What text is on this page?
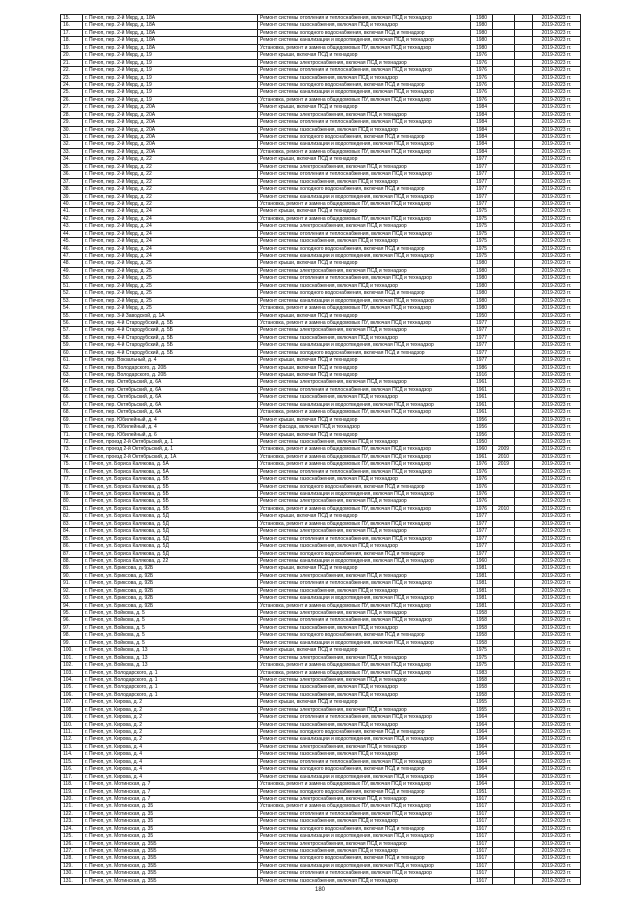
15.	г. Печоп, пер. 2-й Мкрд, д. 18А	Ремонт системы отопления и теплоснабжения, включая ПСД и технадзор	1980			2019-2023 гг.
16.	г. Печоп, пер. 2-й Мкрд, д. 18А	Ремонт системы газоснабжения, включая ПСД и технадзор	1980			2019-2023 гг.
17.	г. Печоп, пер. 2-й Мкрд, д. 18А	Ремонт системы холодного водоснабжения, включая ПСД и технадзор	1980			2019-2023 гг.
18.	г. Печоп, пер. 2-й Мкрд, д. 18А	Ремонт системы канализации и водоотведения, включая ПСД и технадзор	1980			2019-2023 гг.
19.	г. Печоп, пер. 2-й Мкрд, д. 18А	Установка, ремонт и замена общедомовых ПУ, включая ПСД и технадзор	1980			2019-2023 гг.
20.	г. Печоп, пер. 2-й Мкрд, д. 19	Ремонт крыши, включая ПСД и технадзор	1976			2019-2023 гг.
21.	г. Печоп, пер. 2-й Мкрд, д. 19	Ремонт системы электроснабжения, включая ПСД и технадзор	1976			2019-2023 гг.
22.	г. Печоп, пер. 2-й Мкрд, д. 19	Ремонт системы отопления и теплоснабжения, включая ПСД и технадзор	1976			2019-2023 гг.
23.	г. Печоп, пер. 2-й Мкрд, д. 19	Ремонт системы газоснабжения, включая ПСД и технадзор	1976			2019-2023 гг.
24.	г. Печоп, пер. 2-й Мкрд, д. 19	Ремонт системы холодного водоснабжения, включая ПСД и технадзор	1976			2019-2023 гг.
25.	г. Печоп, пер. 2-й Мкрд, д. 19	Ремонт системы канализации и водоотведения, включая ПСД и технадзор	1976			2019-2023 гг.
26.	г. Печоп, пер. 2-й Мкрд, д. 19	Установка, ремонт и замена общедомовых ПУ, включая ПСД и технадзор	1976			2019-2023 гг.
27.	г. Печоп, пер. 2-й Мкрд, д. 20А	Ремонт крыши, включая ПСД и технадзор	1984			2019-2023 гг.
28.	г. Печоп, пер. 2-й Мкрд, д. 20А	Ремонт системы электроснабжения, включая ПСД и технадзор	1984			2019-2023 гг.
29.	г. Печоп, пер. 2-й Мкрд, д. 20А	Ремонт системы отопления и теплоснабжения, включая ПСД и технадзор	1984			2019-2023 гг.
30.	г. Печоп, пер. 2-й Мкрд, д. 20А	Ремонт системы газоснабжения, включая ПСД и технадзор	1984			2019-2023 гг.
31.	г. Печоп, пер. 2-й Мкрд, д. 20А	Ремонт системы холодного водоснабжения, включая ПСД и технадзор	1984			2019-2023 гг.
32.	г. Печоп, пер. 2-й Мкрд, д. 20А	Ремонт системы канализации и водоотведения, включая ПСД и технадзор	1984			2019-2023 гг.
33.	г. Печоп, пер. 2-й Мкрд, д. 20А	Установка, ремонт и замена общедомовых ПУ, включая ПСД и технадзор	1984			2019-2023 гг.
34.	г. Печоп, пер. 2-й Мкрд, д. 22	Ремонт крыши, включая ПСД и технадзор	1977			2019-2023 гг.
35.	г. Печоп, пер. 2-й Мкрд, д. 22	Ремонт системы электроснабжения, включая ПСД и технадзор	1977			2019-2023 гг.
36.	г. Печоп, пер. 2-й Мкрд, д. 22	Ремонт системы отопления и теплоснабжения, включая ПСД и технадзор	1977			2019-2023 гг.
37.	г. Печоп, пер. 2-й Мкрд, д. 22	Ремонт системы газоснабжения, включая ПСД и технадзор	1977			2019-2023 гг.
38.	г. Печоп, пер. 2-й Мкрд, д. 22	Ремонт системы холодного водоснабжения, включая ПСД и технадзор	1977			2019-2023 гг.
39.	г. Печоп, пер. 2-й Мкрд, д. 22	Ремонт системы канализации и водоотведения, включая ПСД и технадзор	1977			2019-2023 гг.
40.	г. Печоп, пер. 2-й Мкрд, д. 22	Установка, ремонт и замена общедомовых ПУ, включая ПСД и технадзор	1977			2019-2023 гг.
41.	г. Печоп, пер. 2-й Мкрд, д. 24	Ремонт крыши, включая ПСД и технадзор	1975			2019-2023 гг.
42.	г. Печоп, пер. 2-й Мкрд, д. 24	Установка, ремонт и замена общедомовых ПУ, включая ПСД и технадзор	1975			2019-2023 гг.
43.	г. Печоп, пер. 2-й Мкрд, д. 24	Ремонт системы электроснабжения, включая ПСД и технадзор	1975			2019-2023 гг.
44.	г. Печоп, пер. 2-й Мкрд, д. 24	Ремонт системы отопления и теплоснабжения, включая ПСД и технадзор	1975			2019-2023 гг.
45.	г. Печоп, пер. 2-й Мкрд, д. 24	Ремонт системы газоснабжения, включая ПСД и технадзор	1975			2019-2023 гг.
46.	г. Печоп, пер. 2-й Мкрд, д. 24	Ремонт системы холодного водоснабжения, включая ПСД и технадзор	1975			2019-2023 гг.
47.	г. Печоп, пер. 2-й Мкрд, д. 24	Ремонт системы канализации и водоотведения, включая ПСД и технадзор	1975			2019-2023 гг.
48.	г. Печоп, пер. 2-й Мкрд, д. 25	Ремонт крыши, включая ПСД и технадзор	1980			2019-2023 гг.
49.	г. Печоп, пер. 2-й Мкрд, д. 25	Ремонт системы электроснабжения, включая ПСД и технадзор	1980			2019-2023 гг.
50.	г. Печоп, пер. 2-й Мкрд, д. 25	Ремонт системы отопления и теплоснабжения, включая ПСД и технадзор	1980			2019-2023 гг.
51.	г. Печоп, пер. 2-й Мкрд, д. 25	Ремонт системы газоснабжения, включая ПСД и технадзор	1980			2019-2023 гг.
52.	г. Печоп, пер. 2-й Мкрд, д. 25	Ремонт системы холодного водоснабжения, включая ПСД и технадзор	1980			2019-2023 гг.
53.	г. Печоп, пер. 2-й Мкрд, д. 25	Ремонт системы канализации и водоотведения, включая ПСД и технадзор	1980			2019-2023 гг.
54.	г. Печоп, пер. 2-й Мкрд, д. 25	Установка, ремонт и замена общедомовых ПУ, включая ПСД и технадзор	1980			2019-2023 гг.
55.	г. Печоп, пер. 3-й Заводской, д. 1А	Ремонт крыши, включая ПСД и технадзор	1950			2019-2023 гг.
56.	г. Печоп, пер. 4-й Стародубский, д. 5Б	Установка, ремонт и замена общедомовых ПУ, включая ПСД и технадзор	1977			2019-2023 гг.
57.	г. Печоп, пер. 4-й Стародубский, д. 5Б	Ремонт системы электроснабжения, включая ПСД и технадзор	1977			2019-2023 гг.
58.	г. Печоп, пер. 4-й Стародубский, д. 5Б	Ремонт системы газоснабжения, включая ПСД и технадзор	1977			2019-2023 гг.
59.	г. Печоп, пер. 4-й Стародубский, д. 5Б	Ремонт системы канализации и водоотведения, включая ПСД и технадзор	1977			2019-2023 гг.
60.	г. Печоп, пер. 4-й Стародубский, д. 5Б	Ремонт системы холодного водоснабжения, включая ПСД и технадзор	1977			2019-2023 гг.
61.	г. Печоп, пер. Вокзальный, д. 4	Ремонт крыши, включая ПСД и технадзор	1977			2019-2023 гг.
62.	г. Печоп, пер. Володарского, д. 20Б	Ремонт крыши, включая ПСД и технадзор	1986			2019-2023 гг.
63.	г. Печоп, пер. Володарского, д. 20Б	Ремонт крыши, включая ПСД и технадзор	1916			2019-2023 гг.
64.	г. Печоп, пер. Октябрьский, д. 6А	Ремонт системы электроснабжения, включая ПСД и технадзор	1961			2019-2023 гг.
65.	г. Печоп, пер. Октябрьский, д. 6А	Ремонт системы отопления и теплоснабжения, включая ПСД и технадзор	1961			2019-2023 гг.
66.	г. Печоп, пер. Октябрьский, д. 6А	Ремонт системы газоснабжения, включая ПСД и технадзор	1961			2019-2023 гг.
67.	г. Печоп, пер. Октябрьский, д. 6А	Ремонт системы канализации и водоотведения, включая ПСД и технадзор	1961			2019-2023 гг.
68.	г. Печоп, пер. Октябрьский, д. 6А	Установка, ремонт и замена общедомовых ПУ, включая ПСД и технадзор	1961			2019-2023 гг.
69.	г. Печоп, пер. Юбилейный, д. 4	Ремонт крыши, включая ПСД и технадзор	1956			2019-2023 гг.
70.	г. Печоп, пер. Юбилейный, д. 4	Ремонт фасада, включая ПСД и технадзор	1956			2019-2023 гг.
71.	г. Печоп, пер. Юбилейный, д. 6	Ремонт крыши, включая ПСД и технадзор	1956			2019-2023 гг.
72.	г. Печоп, проезд 2-й Октябрьский, д. 1	Ремонт системы газоснабжения, включая ПСД и технадзор	1950			2019-2023 гг.
73.	г. Печоп, проезд 2-й Октябрьский, д. 1	Установка, ремонт и замена общедомовых ПУ, включая ПСД и технадзор	1960	2009		2019-2023 гг.
74.	г. Печоп, проезд 2-й Октябрьский, д. 1А	Установка, ремонт и замена общедомовых ПУ, включая ПСД и технадзор	1961	2010		2019-2023 гг.
75.	г. Печоп, ул. Бориса Калякова, д. 5А	Установка, ремонт и замена общедомовых ПУ, включая ПСД и технадзор	1976	2019		2019-2023 гг.
76.	г. Печоп, ул. Бориса Калякова, д. 5А	Ремонт системы отопления и теплоснабжения, включая ПСД и технадзор	1976			2019-2023 гг.
77.	г. Печоп, ул. Бориса Калякова, д. 5Б	Ремонт системы газоснабжения, включая ПСД и технадзор	1976			2019-2023 гг.
78.	г. Печоп, ул. Бориса Калякова, д. 5Б	Ремонт системы холодного водоснабжения, включая ПСД и технадзор	1976			2019-2023 гг.
79.	г. Печоп, ул. Бориса Калякова, д. 5Б	Ремонт системы канализации и водоотведения, включая ПСД и технадзор	1976			2019-2023 гг.
80.	г. Печоп, ул. Бориса Калякова, д. 5Б	Ремонт системы электроснабжения, включая ПСД и технадзор	1976			2019-2023 гг.
81.	г. Печоп, ул. Бориса Калякова, д. 5Б	Установка, ремонт и замена общедомовых ПУ, включая ПСД и технадзор	1976	2010		2019-2023 гг.
82.	г. Печоп, ул. Бориса Калякова, д. 5Д	Ремонт крыши, включая ПСД и технадзор	1977			2019-2023 гг.
83.	г. Печоп, ул. Бориса Калякова, д. 5Д	Установка, ремонт и замена общедомовых ПУ, включая ПСД и технадзор	1977			2019-2023 гг.
84.	г. Печоп, ул. Бориса Калякова, д. 5Д	Ремонт системы электроснабжения, включая ПСД и технадзор	1977			2019-2023 гг.
85.	г. Печоп, ул. Бориса Калякова, д. 5Д	Ремонт системы отопления и теплоснабжения, включая ПСД и технадзор	1977			2019-2023 гг.
86.	г. Печоп, ул. Бориса Калякова, д. 5Д	Ремонт системы газоснабжения, включая ПСД и технадзор	1977			2019-2023 гг.
87.	г. Печоп, ул. Бориса Калякова, д. 5Д	Ремонт системы холодного водоснабжения, включая ПСД и технадзор	1977			2019-2023 гг.
88.	г. Печоп, ул. Бориса Калякова, д. 22	Ремонт системы канализации и водоотведения, включая ПСД и технадзор	1960			2019-2023 гг.
89.	г. Печоп, ул. Бриксова, д. 92Б	Ремонт крыши, включая ПСД и технадзор	1981			2019-2023 гг.
90.	г. Печоп, ул. Бриксова, д. 92Б	Ремонт системы электроснабжения, включая ПСД и технадзор	1981			2019-2023 гг.
91.	г. Печоп, ул. Бриксова, д. 92Б	Ремонт системы отопления и теплоснабжения, включая ПСД и технадзор	1981			2019-2023 гг.
92.	г. Печоп, ул. Бриксова, д. 92Б	Ремонт системы газоснабжения, включая ПСД и технадзор	1981			2019-2023 гг.
93.	г. Печоп, ул. Бриксова, д. 92Б	Ремонт системы канализации и водоотведения, включая ПСД и технадзор	1981			2019-2023 гг.
94.	г. Печоп, ул. Бриксова, д. 92Б	Установка, ремонт и замена общедомовых ПУ, включая ПСД и технадзор	1981			2019-2023 гг.
95.	г. Печоп, ул. Войкова, д. 5	Ремонт системы электроснабжения, включая ПСД и технадзор	1958			2019-2023 гг.
96.	г. Печоп, ул. Войкова, д. 5	Ремонт системы отопления и теплоснабжения, включая ПСД и технадзор	1958			2019-2023 гг.
97.	г. Печоп, ул. Войкова, д. 5	Ремонт системы газоснабжения, включая ПСД и технадзор	1958			2019-2023 гг.
98.	г. Печоп, ул. Войкова, д. 5	Ремонт системы холодного водоснабжения, включая ПСД и технадзор	1958			2019-2023 гг.
99.	г. Печоп, ул. Войкова, д. 5	Ремонт системы канализации и водоотведения, включая ПСД и технадзор	1958			2019-2023 гг.
100.	г. Печоп, ул. Войкова, д. 13	Ремонт крыши, включая ПСД и технадзор	1975			2019-2023 гг.
101.	г. Печоп, ул. Войкова, д. 13	Ремонт системы электроснабжения, включая ПСД и технадзор	1975			2019-2023 гг.
102.	г. Печоп, ул. Войкова, д. 13	Установка, ремонт и замена общедомовых ПУ, включая ПСД и технадзор	1975			2019-2023 гг.
103.	г. Печоп, ул. Володарского, д. 1	Установка, ремонт и замена общедомовых ПУ, включая ПСД и технадзор	1983			2019-2023 гг.
104.	г. Печоп, ул. Володарского, д. 1	Ремонт системы электроснабжения, включая ПСД и технадзор	1958			2019-2023 гг.
105.	г. Печоп, ул. Володарского, д. 1	Ремонт системы газоснабжения, включая ПСД и технадзор	1958			2019-2023 гг.
106.	г. Печоп, ул. Володарского, д. 1	Ремонт системы газоснабжения, включая ПСД и технадзор	1958			2019-2023 гг.
107.	г. Печоп, ул. Кирова, д. 2	Ремонт крыши, включая ПСД и технадзор	1955			2019-2023 гг.
108.	г. Печоп, ул. Кирова, д. 2	Ремонт системы электроснабжения, включая ПСД и технадзор	1955			2019-2023 гг.
109.	г. Печоп, ул. Кирова, д. 2	Ремонт системы отопления и теплоснабжения, включая ПСД и технадзор	1964			2019-2023 гг.
110.	г. Печоп, ул. Кирова, д. 2	Ремонт системы газоснабжения, включая ПСД и технадзор	1964			2019-2023 гг.
111.	г. Печоп, ул. Кирова, д. 2	Ремонт системы холодного водоснабжения, включая ПСД и технадзор	1964			2019-2023 гг.
112.	г. Печоп, ул. Кирова, д. 2	Ремонт системы канализации и водоотведения, включая ПСД и технадзор	1964			2019-2023 гг.
113.	г. Печоп, ул. Кирова, д. 4	Ремонт системы электроснабжения, включая ПСД и технадзор	1964			2019-2023 гг.
114.	г. Печоп, ул. Кирова, д. 4	Ремонт системы газоснабжения, включая ПСД и технадзор	1964			2019-2023 гг.
115.	г. Печоп, ул. Кирова, д. 4	Ремонт системы отопления и теплоснабжения, включая ПСД и технадзор	1964			2019-2023 гг.
116.	г. Печоп, ул. Кирова, д. 4	Ремонт системы холодного водоснабжения, включая ПСД и технадзор	1964			2019-2023 гг.
117.	г. Печоп, ул. Кирова, д. 4	Ремонт системы канализации и водоотведения, включая ПСД и технадзор	1964			2019-2023 гг.
118.	г. Печоп, ул. Мотинская, д. 7	Установка, ремонт и замена общедомовых ПУ, включая ПСД и технадзор	1964			2019-2023 гг.
119.	г. Печоп, ул. Мотинская, д. 7	Ремонт системы холодного водоснабжения, включая ПСД и технадзор	1951			2019-2023 гг.
120.	г. Печоп, ул. Мотинская, д. 7	Ремонт системы электроснабжения, включая ПСД и технадзор	1917			2019-2023 гг.
121.	г. Печоп, ул. Мотинская, д. 35	Установка, ремонт и замена общедомовых ПУ, включая ПСД и технадзор	1917			2019-2023 гг.
122.	г. Печоп, ул. Мотинская, д. 35	Ремонт системы отопления и теплоснабжения, включая ПСД и технадзор	1917			2019-2023 гг.
123.	г. Печоп, ул. Мотинская, д. 35	Ремонт системы газоснабжения, включая ПСД и технадзор	1917			2019-2023 гг.
124.	г. Печоп, ул. Мотинская, д. 35	Ремонт системы холодного водоснабжения, включая ПСД и технадзор	1917			2019-2023 гг.
125.	г. Печоп, ул. Мотинская, д. 35	Ремонт системы канализации и водоотведения, включая ПСД и технадзор	1917			2019-2023 гг.
126.	г. Печоп, ул. Мотинская, д. 35Б	Ремонт системы электроснабжения, включая ПСД и технадзор	1917			2019-2023 гг.
127.	г. Печоп, ул. Мотинская, д. 35Б	Ремонт системы газоснабжения, включая ПСД и технадзор	1917			2019-2023 гг.
128.	г. Печоп, ул. Мотинская, д. 35Б	Ремонт системы холодного водоснабжения, включая ПСД и технадзор	1917			2019-2023 гг.
129.	г. Печоп, ул. Мотинская, д. 35Б	Ремонт системы канализации и водоотведения, включая ПСД и технадзор	1917			2019-2023 гг.
130.	г. Печоп, ул. Мотинская, д. 35Б	Ремонт системы отопления и теплоснабжения, включая ПСД и технадзор	1917			2019-2023 гг.
131.	г. Печоп, ул. Мотинская, д. 35Б	Ремонт системы газоснабжения, включая ПСД и технадзор	1917			2019-2023 гг.
180
